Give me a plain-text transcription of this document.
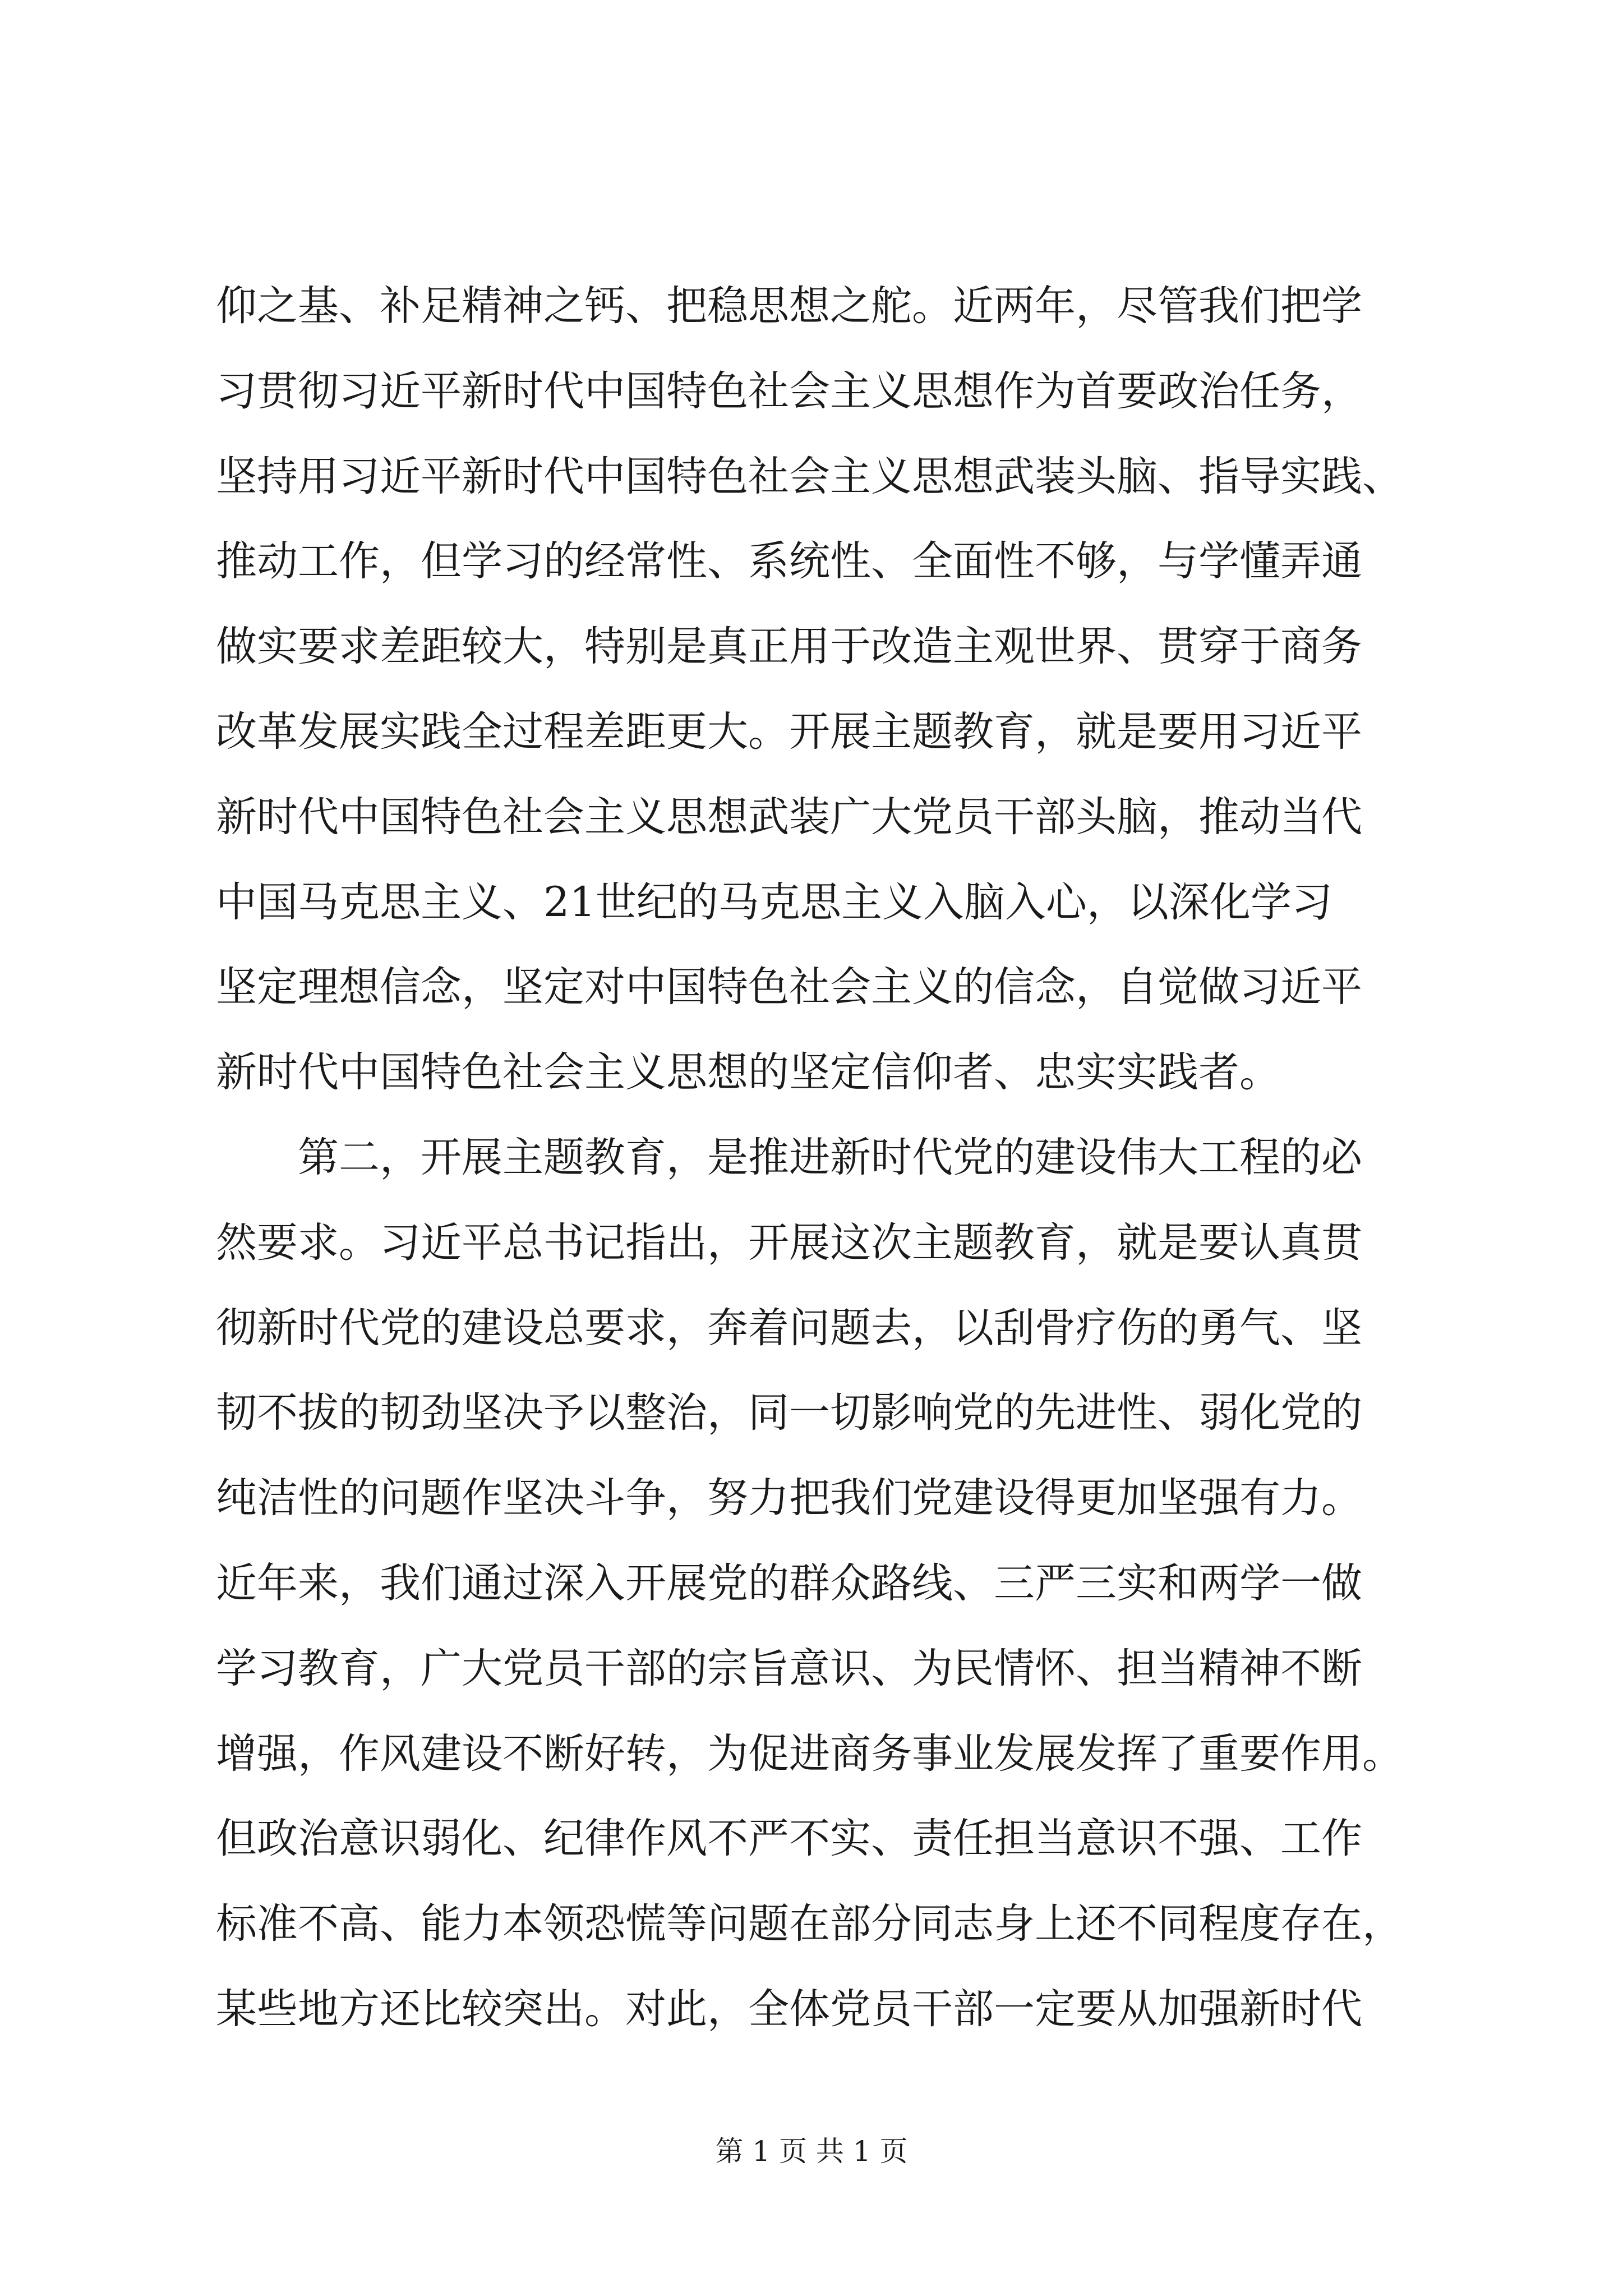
仰之基、补足精神之钙、把稳思想之舵。近两年，尽管我们把学
习贯彻习近平新时代中国特色社会主义思想作为首要政治任务，
坚持用习近平新时代中国特色社会主义思想武装头脑、指导实践、
推动工作，但学习的经常性、系统性、全面性不够，与学懂弄通
做实要求差距较大，特别是真正用于改造主观世界、贯穿于商务
改革发展实践全过程差距更大。开展主题教育，就是要用习近平
新时代中国特色社会主义思想武装广大党员干部头脑，推动当代
中国马克思主义、21世纪的马克思主义入脑入心，以深化学习
坚定理想信念，坚定对中国特色社会主义的信念，自觉做习近平
新时代中国特色社会主义思想的坚定信仰者、忠实实践者。
　　第二，开展主题教育，是推进新时代党的建设伟大工程的必
然要求。习近平总书记指出，开展这次主题教育，就是要认真贯
彻新时代党的建设总要求，奔着问题去，以刮骨疗伤的勇气、坚
韧不拔的韧劲坚决予以整治，同一切影响党的先进性、弱化党的
纯洁性的问题作坚决斗争，努力把我们党建设得更加坚强有力。
近年来，我们通过深入开展党的群众路线、三严三实和两学一做
学习教育，广大党员干部的宗旨意识、为民情怀、担当精神不断
增强，作风建设不断好转，为促进商务事业发展发挥了重要作用。
但政治意识弱化、纪律作风不严不实、责任担当意识不强、工作
标准不高、能力本领恐慌等问题在部分同志身上还不同程度存在，
某些地方还比较突出。对此，全体党员干部一定要从加强新时代
第 1 页 共 1 页
